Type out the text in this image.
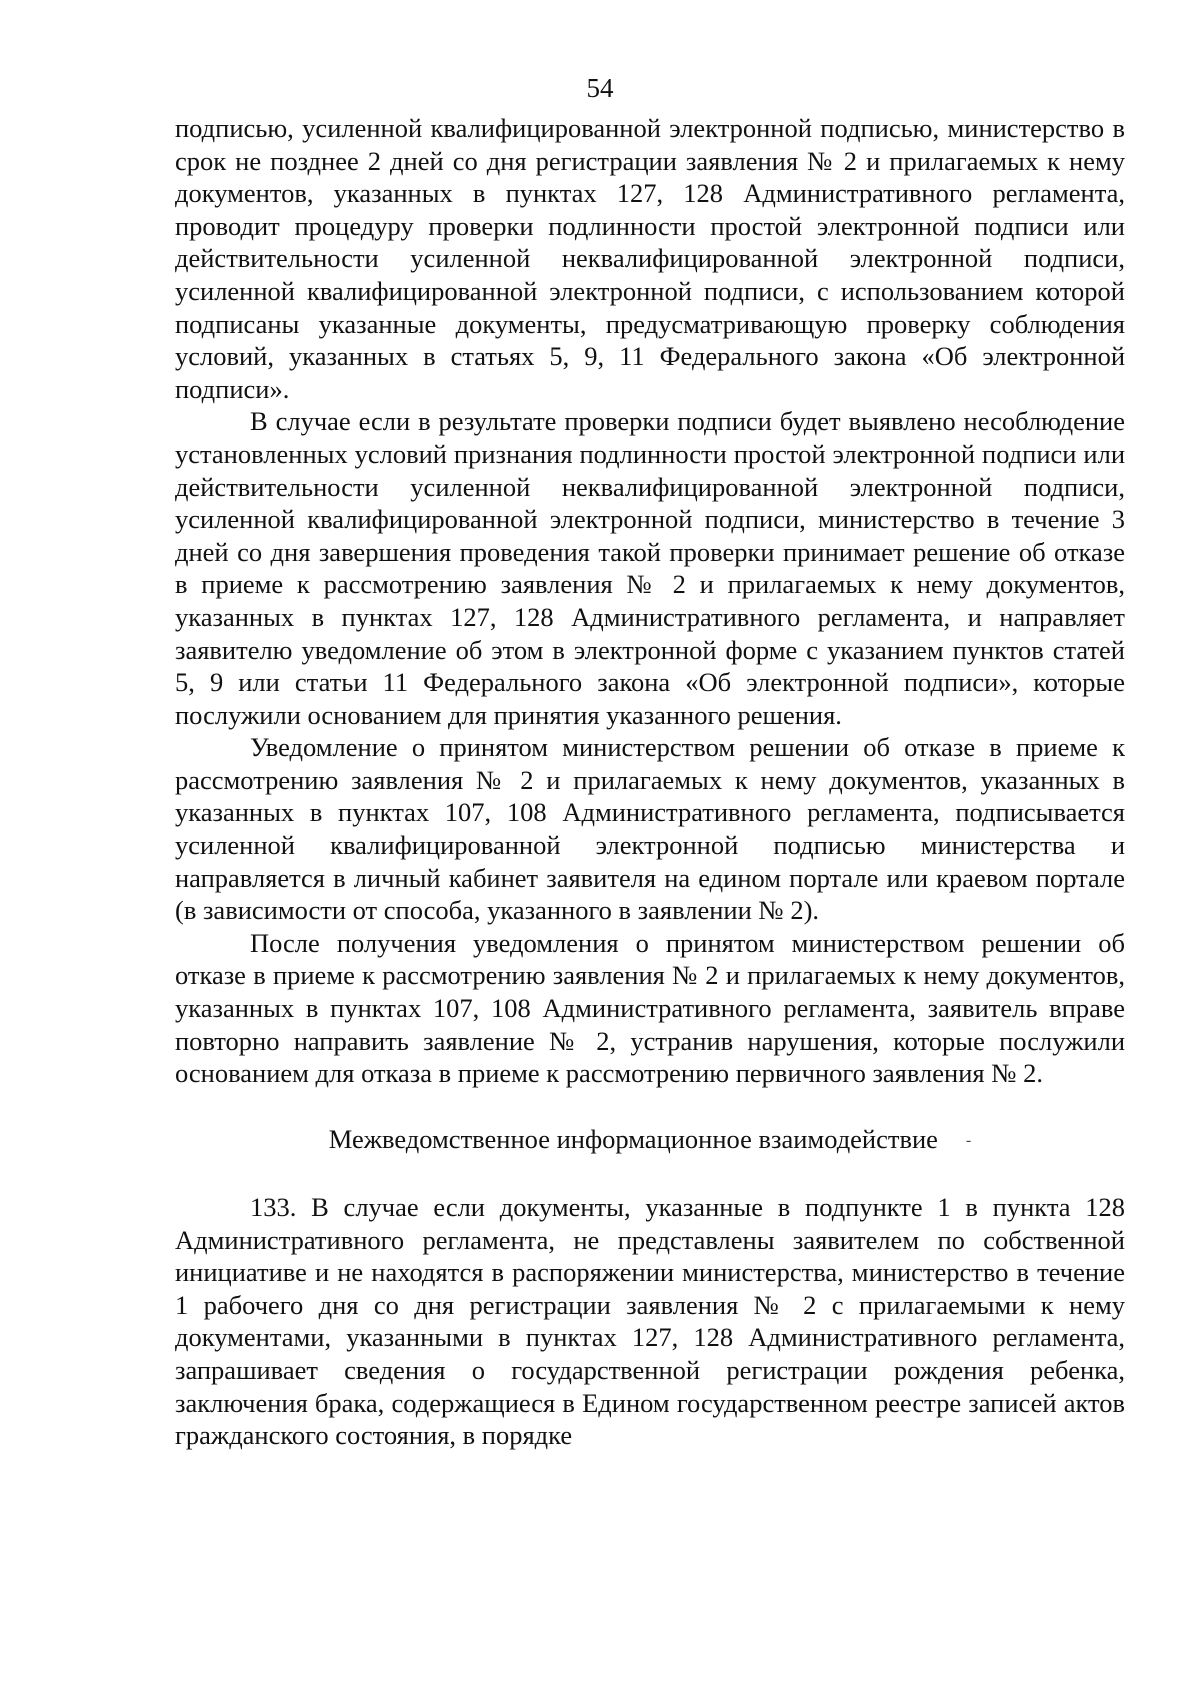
54

подписью, усиленной квалифицированной электронной подписью, министерство в срок не позднее 2 дней со дня регистрации заявления № 2 и прилагаемых к нему документов, указанных в пунктах 127, 128 Административного регламента, проводит процедуру проверки подлинности простой электронной подписи или действительности усиленной неквалифицированной электронной подписи, усиленной квалифицированной электронной подписи, с использованием которой подписаны указанные документы, предусматривающую проверку соблюдения условий, указанных в статьях 5, 9, 11 Федерального закона «Об электронной подписи».

В случае если в результате проверки подписи будет выявлено несоблюдение установленных условий признания подлинности простой электронной подписи или действительности усиленной неквалифицированной электронной подписи, усиленной квалифицированной электронной подписи, министерство в течение 3 дней со дня завершения проведения такой проверки принимает решение об отказе в приеме к рассмотрению заявления № 2 и прилагаемых к нему документов, указанных в пунктах 127, 128 Административного регламента, и направляет заявителю уведомление об этом в электронной форме с указанием пунктов статей 5, 9 или статьи 11 Федерального закона «Об электронной подписи», которые послужили основанием для принятия указанного решения.

Уведомление о принятом министерством решении об отказе в приеме к рассмотрению заявления № 2 и прилагаемых к нему документов, указанных в указанных в пунктах 107, 108 Административного регламента, подписывается усиленной квалифицированной электронной подписью министерства и направляется в личный кабинет заявителя на едином портале или краевом портале (в зависимости от способа, указанного в заявлении № 2).

После получения уведомления о принятом министерством решении об отказе в приеме к рассмотрению заявления № 2 и прилагаемых к нему документов, указанных в пунктах 107, 108 Административного регламента, заявитель вправе повторно направить заявление № 2, устранив нарушения, которые послужили основанием для отказа в приеме к рассмотрению первичного заявления № 2.

Межведомственное информационное взаимодействие -

133. В случае если документы, указанные в подпункте 1 в пункта 128 Административного регламента, не представлены заявителем по собственной инициативе и не находятся в распоряжении министерства, министерство в течение 1 рабочего дня со дня регистрации заявления № 2 с прилагаемыми к нему документами, указанными в пунктах 127, 128 Административного регламента, запрашивает сведения о государственной регистрации рождения ребенка, заключения брака, содержащиеся в Едином государственном реестре записей актов гражданского состояния, в порядке
